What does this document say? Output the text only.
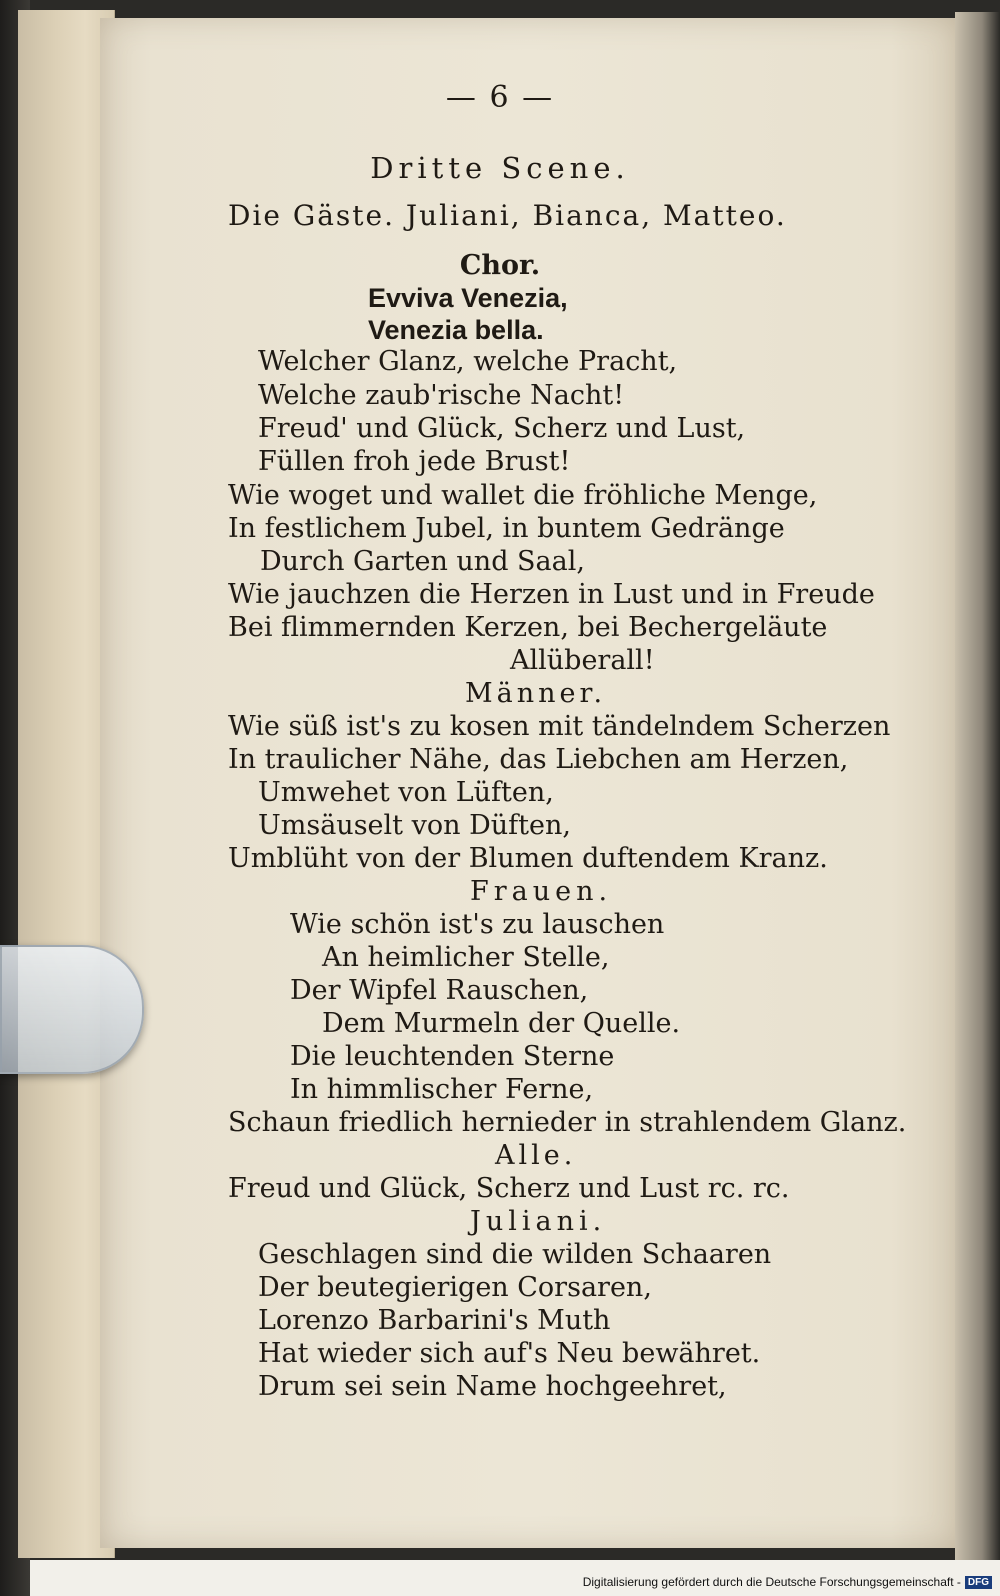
— 6 —
Dritte Scene.
Die Gäste. Juliani, Bianca, Matteo.
Chor.
Evviva Venezia,
Venezia bella.
Welcher Glanz, welche Pracht,
Welche zaub'rische Nacht!
Freud' und Glück, Scherz und Lust,
Füllen froh jede Brust!
Wie woget und wallet die fröhliche Menge,
In festlichem Jubel, in buntem Gedränge
Durch Garten und Saal,
Wie jauchzen die Herzen in Lust und in Freude
Bei flimmernden Kerzen, bei Bechergeläute
Allüberall!
Männer.
Wie süß ist's zu kosen mit tändelndem Scherzen
In traulicher Nähe, das Liebchen am Herzen,
Umwehet von Lüften,
Umsäuselt von Düften,
Umblüht von der Blumen duftendem Kranz.
Frauen.
Wie schön ist's zu lauschen
An heimlicher Stelle,
Der Wipfel Rauschen,
Dem Murmeln der Quelle.
Die leuchtenden Sterne
In himmlischer Ferne,
Schaun friedlich hernieder in strahlendem Glanz.
Alle.
Freud und Glück, Scherz und Lust rc. rc.
Juliani.
Geschlagen sind die wilden Schaaren
Der beutegierigen Corsaren,
Lorenzo Barbarini's Muth
Hat wieder sich auf's Neu bewähret.
Drum sei sein Name hochgeehret,
Digitalisierung gefördert durch die Deutsche Forschungsgemeinschaft - DFG
